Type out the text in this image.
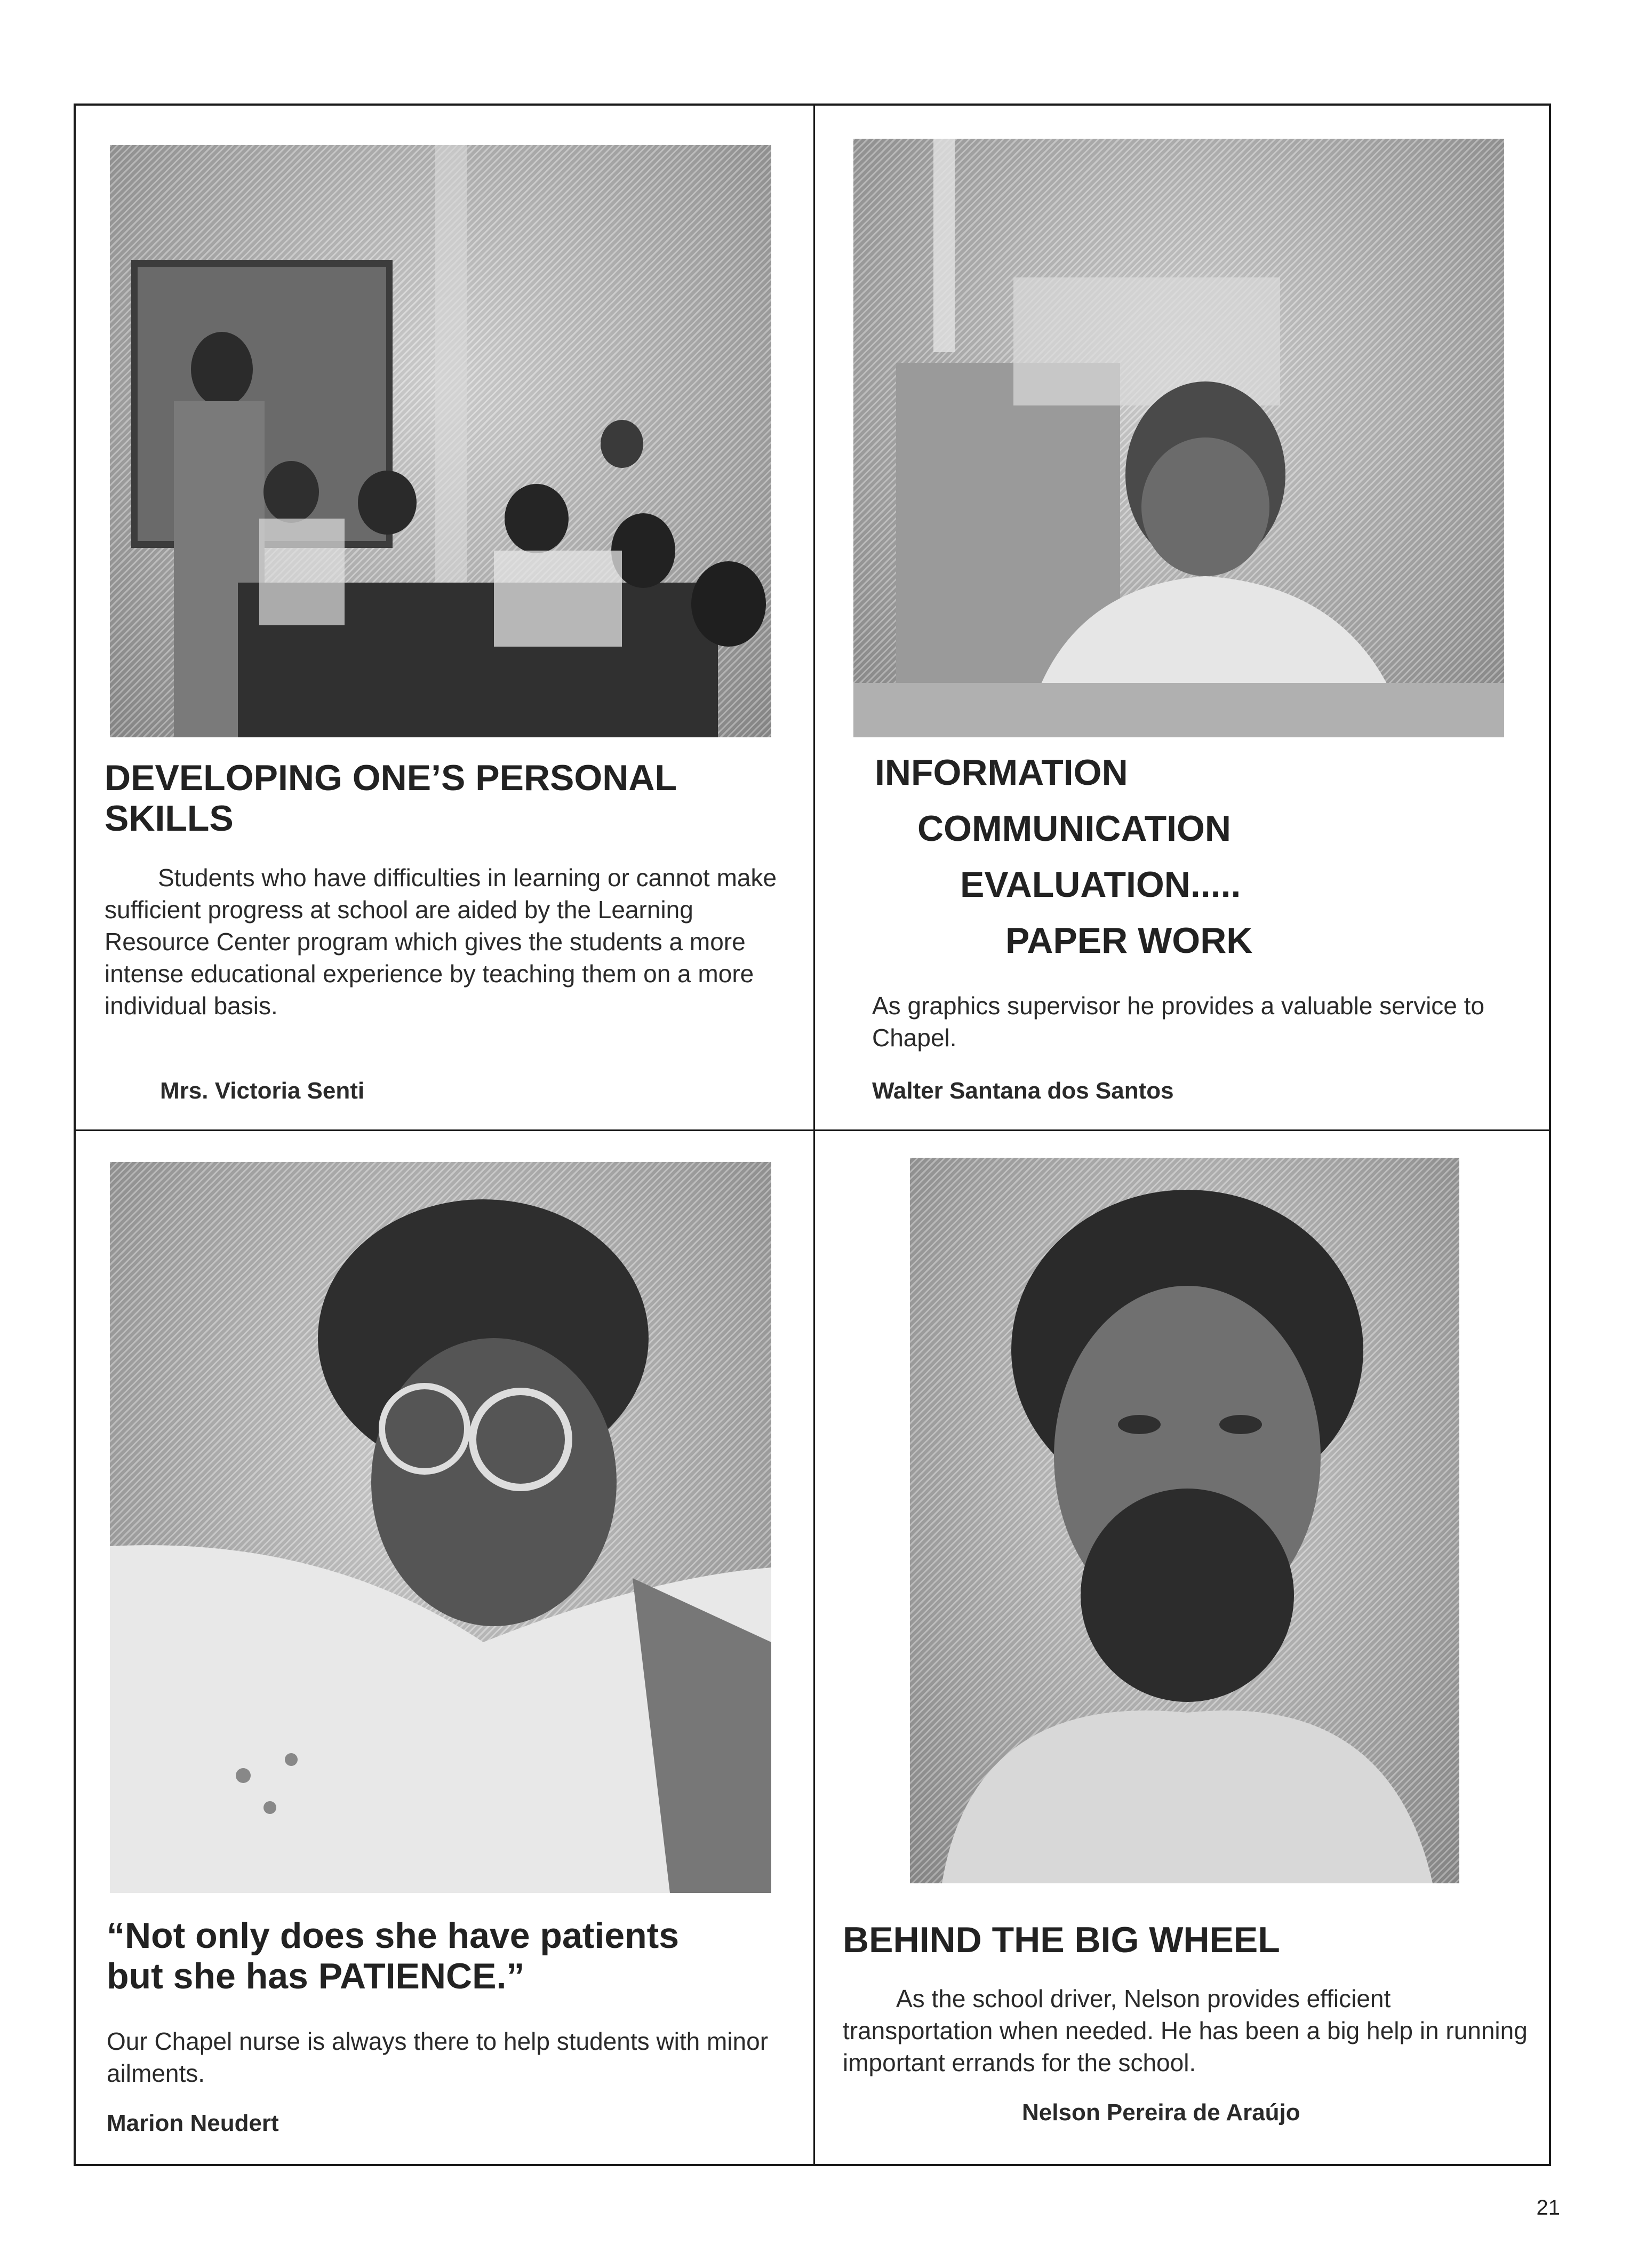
DEVELOPING ONE’S PERSONAL
SKILLS

Students who have difficulties in learning or cannot make sufficient progress at school are aided by the Learning Resource Center program which gives the students a more intense educational experience by teaching them on a more individual basis.

Mrs. Victoria Senti
INFORMATION
COMMUNICATION
EVALUATION.....
PAPER WORK

As graphics supervisor he provides a valuable service to Chapel.

Walter Santana dos Santos
“Not only does she have patients
but she has PATIENCE.”

Our Chapel nurse is always there to help students with minor ailments.

Marion Neudert
BEHIND THE BIG WHEEL

As the school driver, Nelson provides efficient transportation when needed. He has been a big help in running important errands for the school.

Nelson Pereira de Araújo
21
